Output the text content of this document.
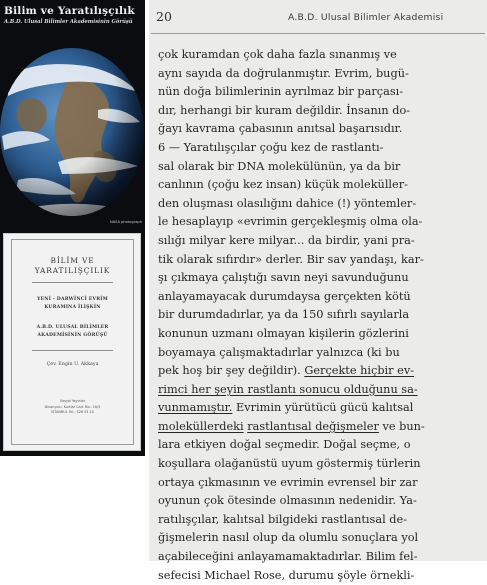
Bilim ve Yaratılışçılık
A.B.D. Ulusal Bilimler Akademisinin Görüşü
NASA photograph
BİLİM VE
YARATILIŞÇILIK
YENİ - DARWİNCİ EVRİM
KURAMINA İLİŞKİN
A.B.D. ULUSAL BİLİMLER
AKADEMİSİNİN GÖRÜŞÜ
Çev. Engin U. Akkaya
Sosyal Yayınlar
Divanyolu, Kurtlar Cad. No.: 16/3
İSTANBUL Tel.: 526 53 14
20	A.B.D. Ulusal Bilimler Akademisi
çok kuramdan çok daha fazla sınanmış ve
aynı sayıda da doğrulanmıştır. Evrim, bugü-
nün doğa bilimlerinin ayrılmaz bir parçası-
dır, herhangi bir kuram değildir. İnsanın do-
ğayı kavrama çabasının anıtsal başarısıdır.
6 — Yaratılışçılar çoğu kez de rastlantı-
sal olarak bir DNA molekülünün, ya da bir
canlının (çoğu kez insan) küçük moleküller-
den oluşması olasılığını dahice (!) yöntemler-
le hesaplayıp «evrimin gerçekleşmiş olma ola-
sılığı milyar kere milyar... da birdir, yani pra-
tik olarak sıfırdır» derler. Bir sav yandaşı, kar-
şı çıkmaya çalıştığı savın neyi savunduğunu
anlayamayacak durumdaysa gerçekten kötü
bir durumdadırlar, ya da 150 sıfırlı sayılarla
konunun uzmanı olmayan kişilerin gözlerini
boyamaya çalışmaktadırlar yalnızca (ki bu
pek hoş bir şey değildir). Gerçekte hiçbir ev-
rimci her şeyin rastlantı sonucu olduğunu sa-
vunmamıştır. Evrimin yürütücü gücü kalıtsal
moleküllerdeki rastlantısal değişmeler ve bun-
lara etkiyen doğal seçmedir. Doğal seçme, o
koşullara olağanüstü uyum göstermiş türlerin
ortaya çıkmasının ve evrimin evrensel bir zar
oyunun çok ötesinde olmasının nedenidir. Ya-
ratılışçılar, kalıtsal bilgideki rastlantısal de-
ğişmelerin nasıl olup da olumlu sonuçlara yol
açabileceğini anlayamamaktadırlar. Bilim fel-
sefecisi Michael Rose, durumu şöyle örnekli-
